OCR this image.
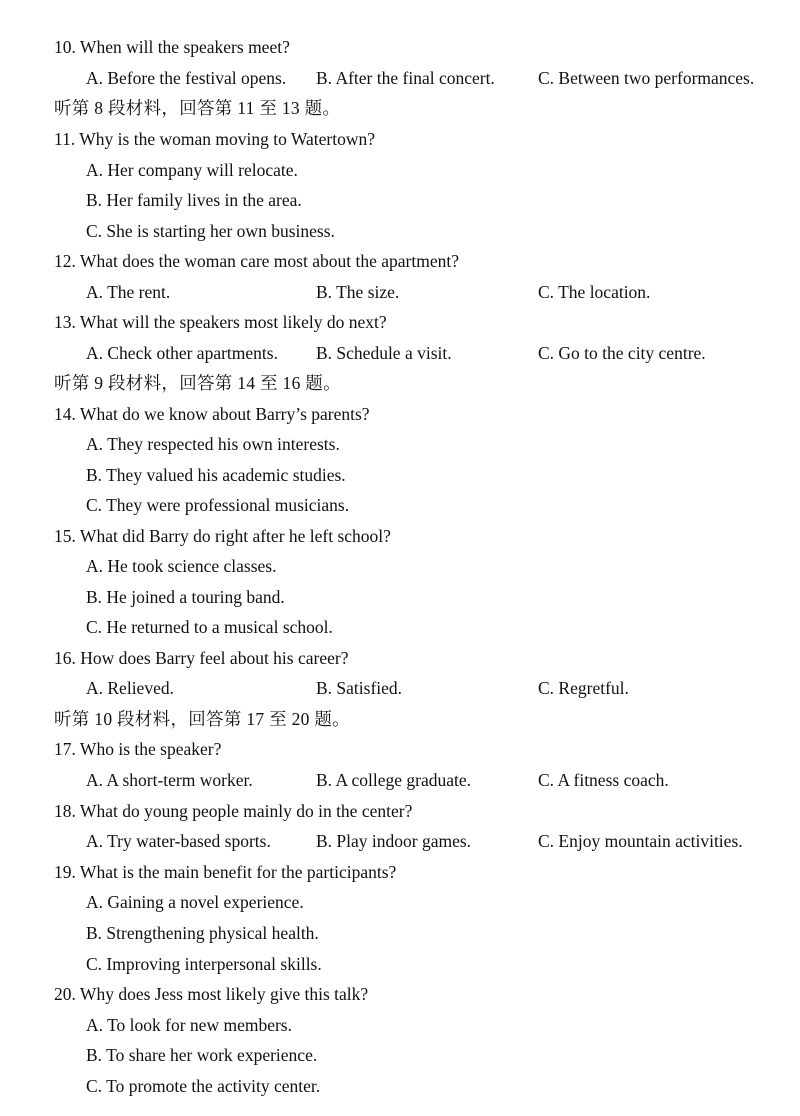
10. When will the speakers meet?
A. Before the festival opens. B. After the final concert. C. Between two performances.
听第 8 段材料，回答第 11 至 13 题。
11. Why is the woman moving to Watertown?
A. Her company will relocate.
B. Her family lives in the area.
C. She is starting her own business.
12. What does the woman care most about the apartment?
A. The rent.	B. The size.	C. The location.
13. What will the speakers most likely do next?
A. Check other apartments. B. Schedule a visit.	C. Go to the city centre.
听第 9 段材料，回答第 14 至 16 题。
14. What do we know about Barry’s parents?
A. They respected his own interests.
B. They valued his academic studies.
C. They were professional musicians.
15. What did Barry do right after he left school?
A. He took science classes.
B. He joined a touring band.
C. He returned to a musical school.
16. How does Barry feel about his career?
A. Relieved.	B. Satisfied.	C. Regretful.
听第 10 段材料，回答第 17 至 20 题。
17. Who is the speaker?
A. A short-term worker.	B. A college graduate.	C. A fitness coach.
18. What do young people mainly do in the center?
A. Try water-based sports.	B. Play indoor games.	C. Enjoy mountain activities.
19. What is the main benefit for the participants?
A. Gaining a novel experience.
B. Strengthening physical health.
C. Improving interpersonal skills.
20. Why does Jess most likely give this talk?
A. To look for new members.
B. To share her work experience.
C. To promote the activity center.
